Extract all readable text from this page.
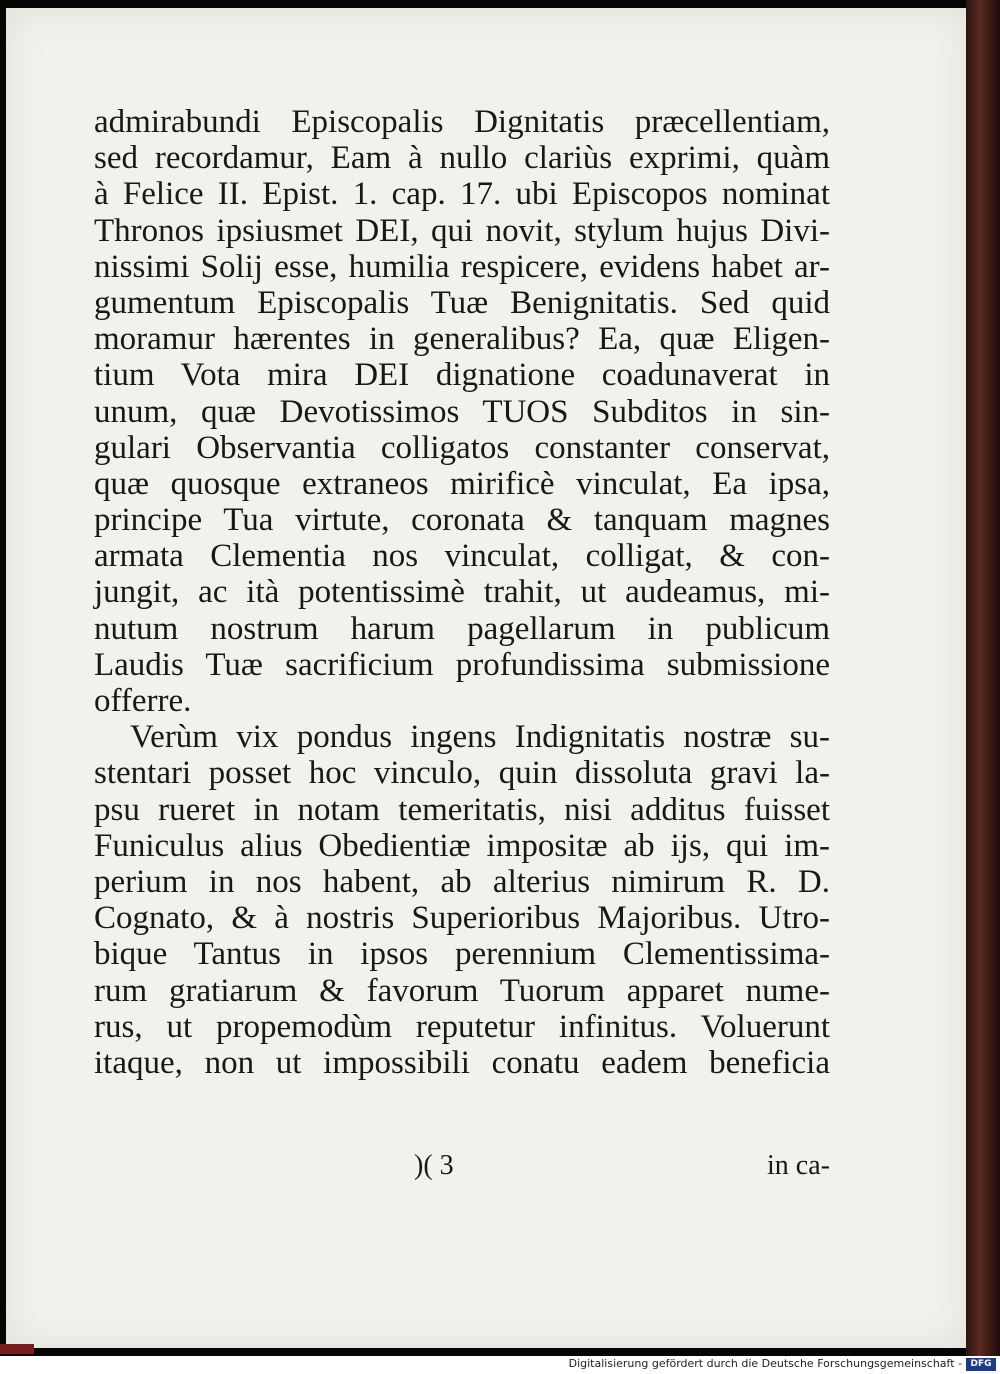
admirabundi Episcopalis Dignitatis præcellentiam,
sed recordamur, Eam à nullo clariùs exprimi, quàm
à Felice II. Epist. 1. cap. 17. ubi Episcopos nominat
Thronos ipsiusmet DEI, qui novit, stylum hujus Divi-
nissimi Solij esse, humilia respicere, evidens habet ar-
gumentum Episcopalis Tuæ Benignitatis. Sed quid
moramur hærentes in generalibus? Ea, quæ Eligen-
tium Vota mira DEI dignatione coadunaverat in
unum, quæ Devotissimos TUOS Subditos in sin-
gulari Observantia colligatos constanter conservat,
quæ quosque extraneos mirificè vinculat, Ea ipsa,
principe Tua virtute, coronata & tanquam magnes
armata Clementia nos vinculat, colligat, & con-
jungit, ac ità potentissimè trahit, ut audeamus, mi-
nutum nostrum harum pagellarum in publicum
Laudis Tuæ sacrificium profundissima submissione
offerre.
Verùm vix pondus ingens Indignitatis nostræ su-
stentari posset hoc vinculo, quin dissoluta gravi la-
psu rueret in notam temeritatis, nisi additus fuisset
Funiculus alius Obedientiæ impositæ ab ijs, qui im-
perium in nos habent, ab alterius nimirum R. D.
Cognato, & à nostris Superioribus Majoribus. Utro-
bique Tantus in ipsos perennium Clementissima-
rum gratiarum & favorum Tuorum apparet nume-
rus, ut propemodùm reputetur infinitus. Voluerunt
itaque, non ut impossibili conatu eadem beneficia
)( 3	in ca-
Digitalisierung gefördert durch die Deutsche Forschungsgemeinschaft - DFG
